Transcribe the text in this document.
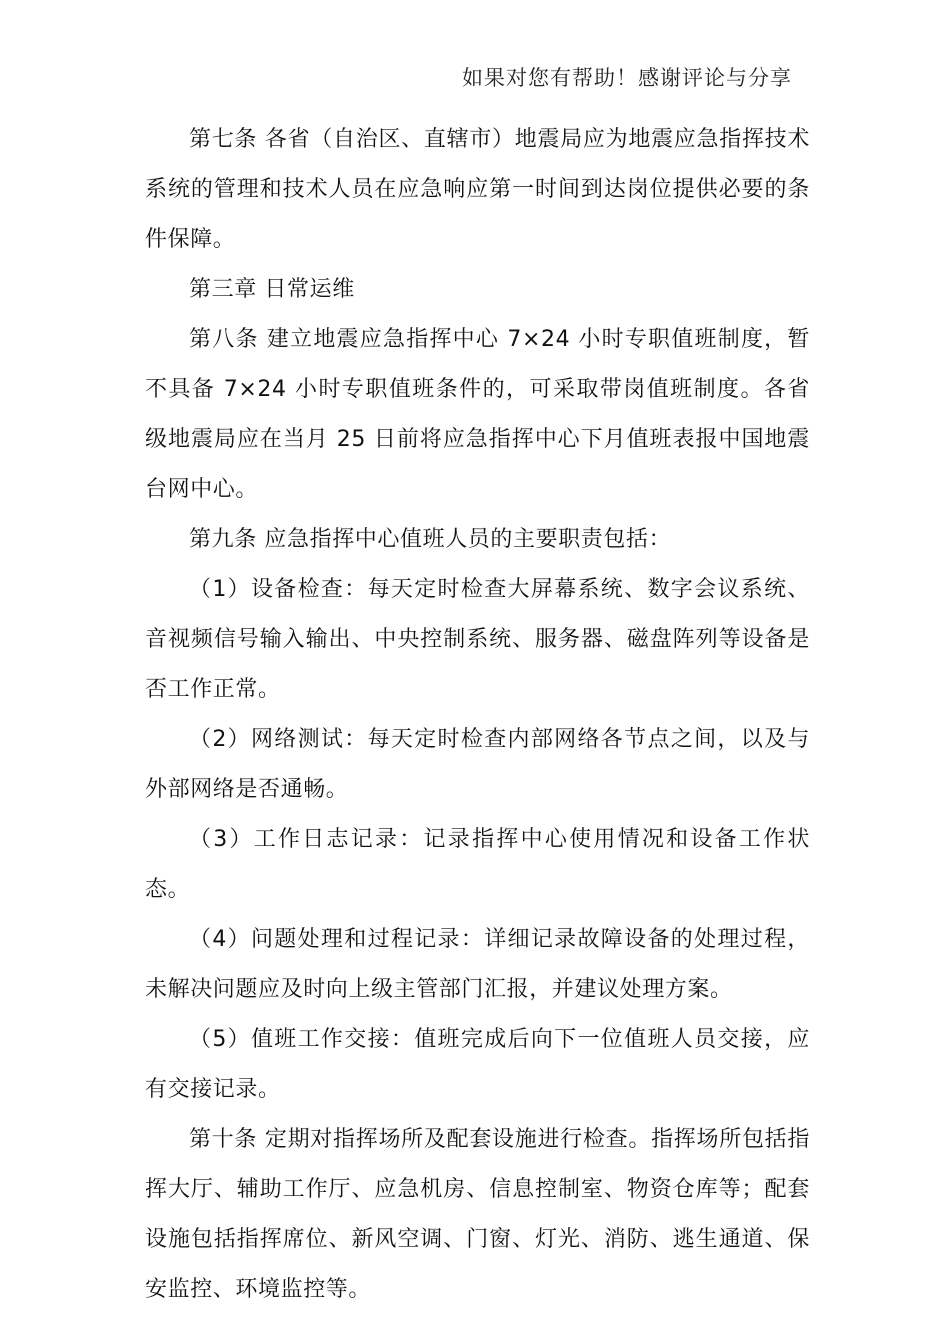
如果对您有帮助！感谢评论与分享

第七条 各省（自治区、直辖市）地震局应为地震应急指挥技术系统的管理和技术人员在应急响应第一时间到达岗位提供必要的条件保障。

第三章 日常运维

第八条 建立地震应急指挥中心 7×24 小时专职值班制度，暂不具备 7×24 小时专职值班条件的，可采取带岗值班制度。各省级地震局应在当月 25 日前将应急指挥中心下月值班表报中国地震台网中心。

第九条 应急指挥中心值班人员的主要职责包括：

（1）设备检查：每天定时检查大屏幕系统、数字会议系统、音视频信号输入输出、中央控制系统、服务器、磁盘阵列等设备是否工作正常。

（2）网络测试：每天定时检查内部网络各节点之间，以及与外部网络是否通畅。

（3）工作日志记录：记录指挥中心使用情况和设备工作状态。

（4）问题处理和过程记录：详细记录故障设备的处理过程，未解决问题应及时向上级主管部门汇报，并建议处理方案。

（5）值班工作交接：值班完成后向下一位值班人员交接，应有交接记录。

第十条 定期对指挥场所及配套设施进行检查。指挥场所包括指挥大厅、辅助工作厅、应急机房、信息控制室、物资仓库等；配套设施包括指挥席位、新风空调、门窗、灯光、消防、逃生通道、保安监控、环境监控等。
